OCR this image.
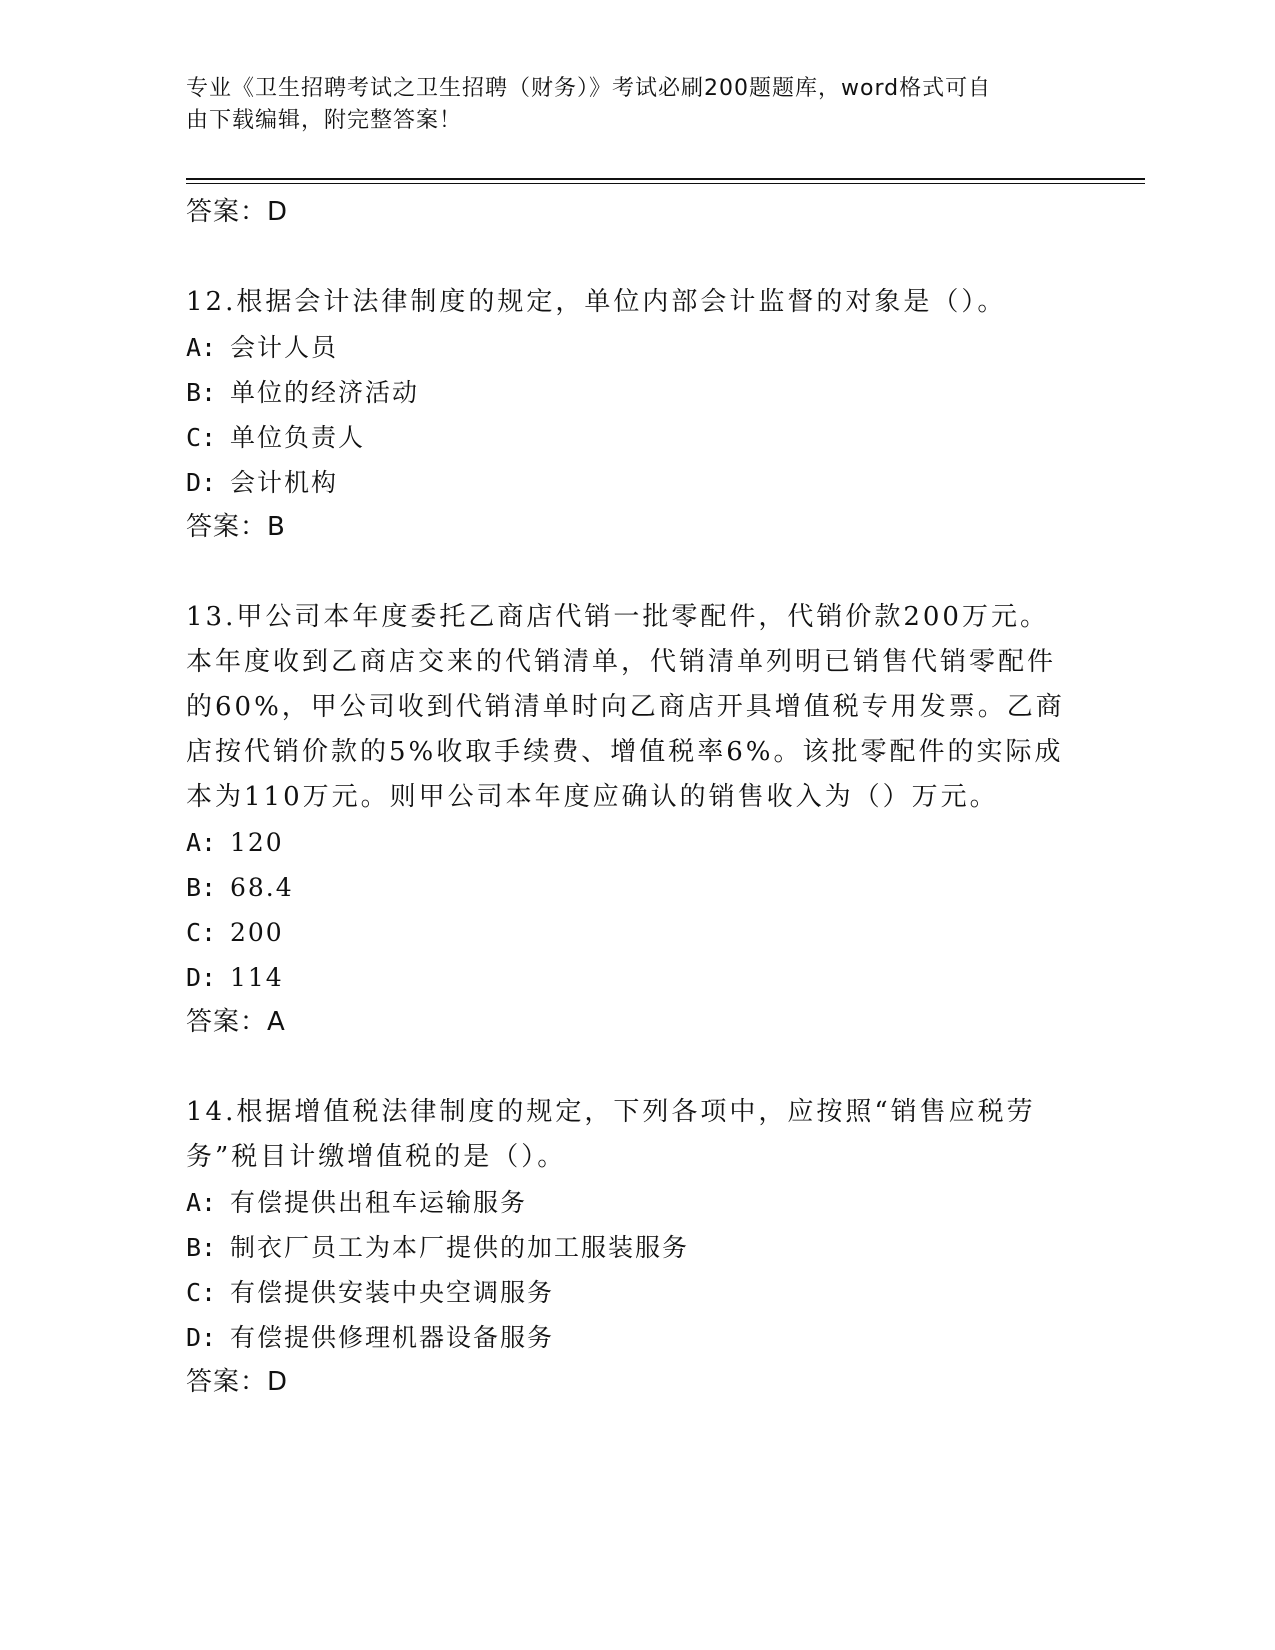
专业《卫生招聘考试之卫生招聘（财务）》考试必刷200题题库，word格式可自
由下载编辑，附完整答案！
答案：D
12.根据会计法律制度的规定，单位内部会计监督的对象是（）。
A: 会计人员
B: 单位的经济活动
C: 单位负责人
D: 会计机构
答案：B
13.甲公司本年度委托乙商店代销一批零配件，代销价款200万元。本年度收到乙商店交来的代销清单，代销清单列明已销售代销零配件的60%，甲公司收到代销清单时向乙商店开具增值税专用发票。乙商店按代销价款的5%收取手续费、增值税率6%。该批零配件的实际成本为110万元。则甲公司本年度应确认的销售收入为（）万元。
A: 120
B: 68.4
C: 200
D: 114
答案：A
14.根据增值税法律制度的规定，下列各项中，应按照“销售应税劳务”税目计缴增值税的是（）。
A: 有偿提供出租车运输服务
B: 制衣厂员工为本厂提供的加工服装服务
C: 有偿提供安装中央空调服务
D: 有偿提供修理机器设备服务
答案：D
